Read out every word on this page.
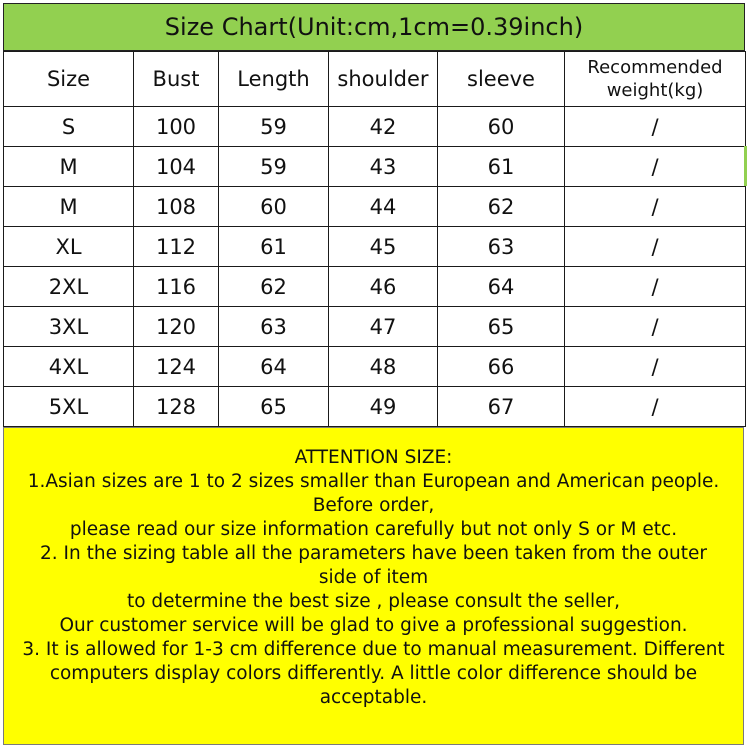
Size Chart(Unit:cm,1cm=0.39inch)
Size	Bust	Length	shoulder	sleeve	Recommended
weight(kg)
S	100	59	42	60	/
M	104	59	43	61	/
M	108	60	44	62	/
XL	112	61	45	63	/
2XL	116	62	46	64	/
3XL	120	63	47	65	/
4XL	124	64	48	66	/
5XL	128	65	49	67	/
ATTENTION SIZE:
1.Asian sizes are 1 to 2 sizes smaller than European and American people.
Before order,
please read our size information carefully but not only S or M etc.
2. In the sizing table all the parameters have been taken from the outer
side of item
to determine the best size , please consult the seller,
Our customer service will be glad to give a professional suggestion.
3. It is allowed for 1-3 cm difference due to manual measurement. Different
computers display colors differently. A little color difference should be
acceptable.
